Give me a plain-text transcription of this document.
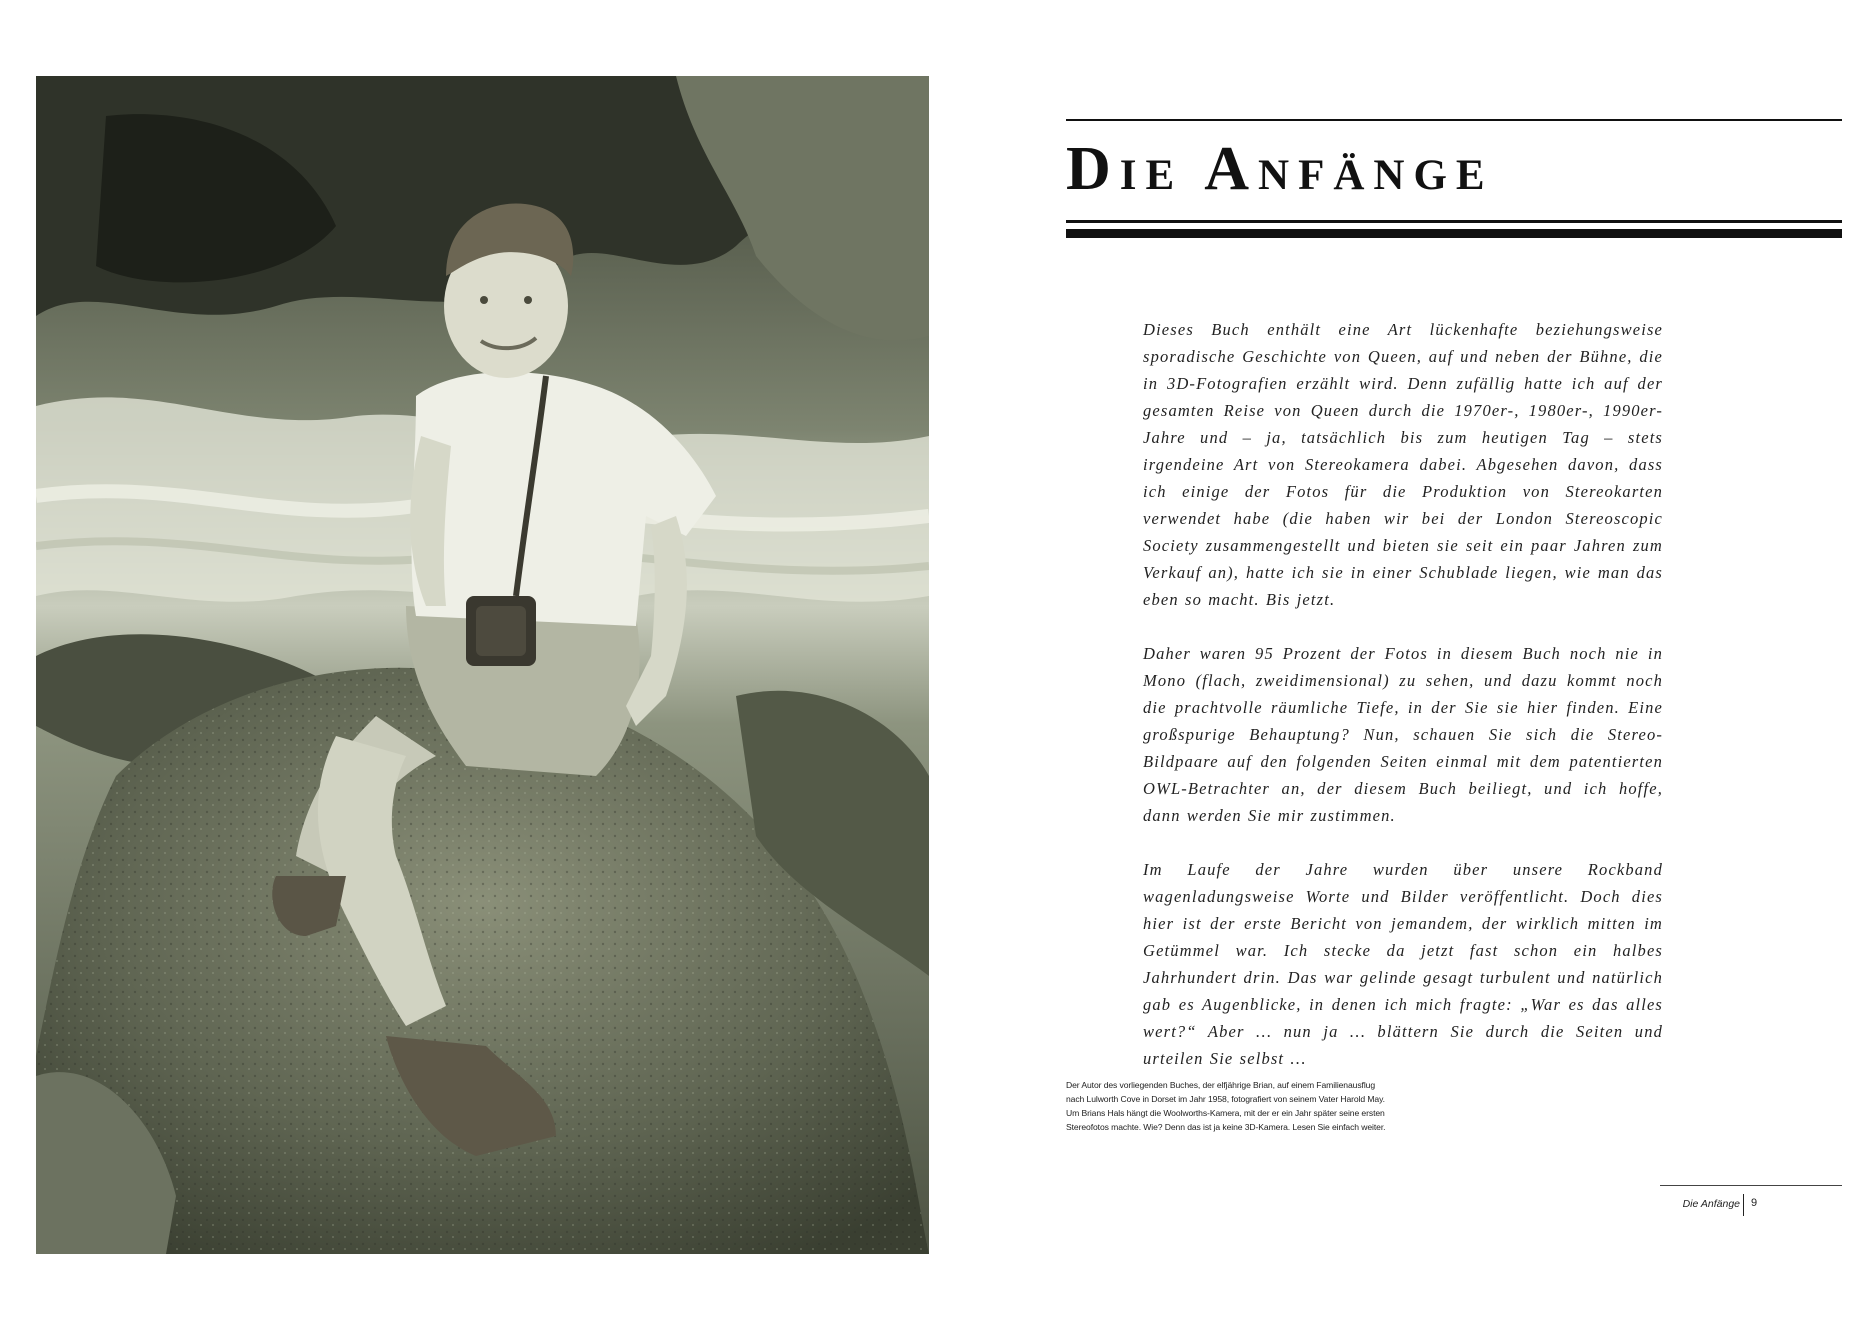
Die Anfänge

Dieses Buch enthält eine Art lückenhafte beziehungsweise sporadische Geschichte von Queen, auf und neben der Bühne, die in 3D-Fotografien erzählt wird. Denn zufällig hatte ich auf der gesamten Reise von Queen durch die 1970er-, 1980er-, 1990er-Jahre und – ja, tatsächlich bis zum heutigen Tag – stets irgendeine Art von Stereokamera dabei. Abgesehen davon, dass ich einige der Fotos für die Produktion von Stereokarten verwendet habe (die haben wir bei der London Stereoscopic Society zusammengestellt und bieten sie seit ein paar Jahren zum Verkauf an), hatte ich sie in einer Schublade liegen, wie man das eben so macht. Bis jetzt.

Daher waren 95 Prozent der Fotos in diesem Buch noch nie in Mono (flach, zweidimensional) zu sehen, und dazu kommt noch die prachtvolle räumliche Tiefe, in der Sie sie hier finden. Eine großspurige Behauptung? Nun, schauen Sie sich die Stereo-Bildpaare auf den folgenden Seiten einmal mit dem patentierten OWL-Betrachter an, der diesem Buch beiliegt, und ich hoffe, dann werden Sie mir zustimmen.

Im Laufe der Jahre wurden über unsere Rockband wagenladungsweise Worte und Bilder veröffentlicht. Doch dies hier ist der erste Bericht von jemandem, der wirklich mitten im Getümmel war. Ich stecke da jetzt fast schon ein halbes Jahrhundert drin. Das war gelinde gesagt turbulent und natürlich gab es Augenblicke, in denen ich mich fragte: „War es das alles wert?“ Aber … nun ja … blättern Sie durch die Seiten und urteilen Sie selbst …

Der Autor des vorliegenden Buches, der elfjährige Brian, auf einem Familienausflug
nach Lulworth Cove in Dorset im Jahr 1958, fotografiert von seinem Vater Harold May.
Um Brians Hals hängt die Woolworths-Kamera, mit der er ein Jahr später seine ersten
Stereofotos machte. Wie? Denn das ist ja keine 3D-Kamera. Lesen Sie einfach weiter.
Die Anfänge 9
